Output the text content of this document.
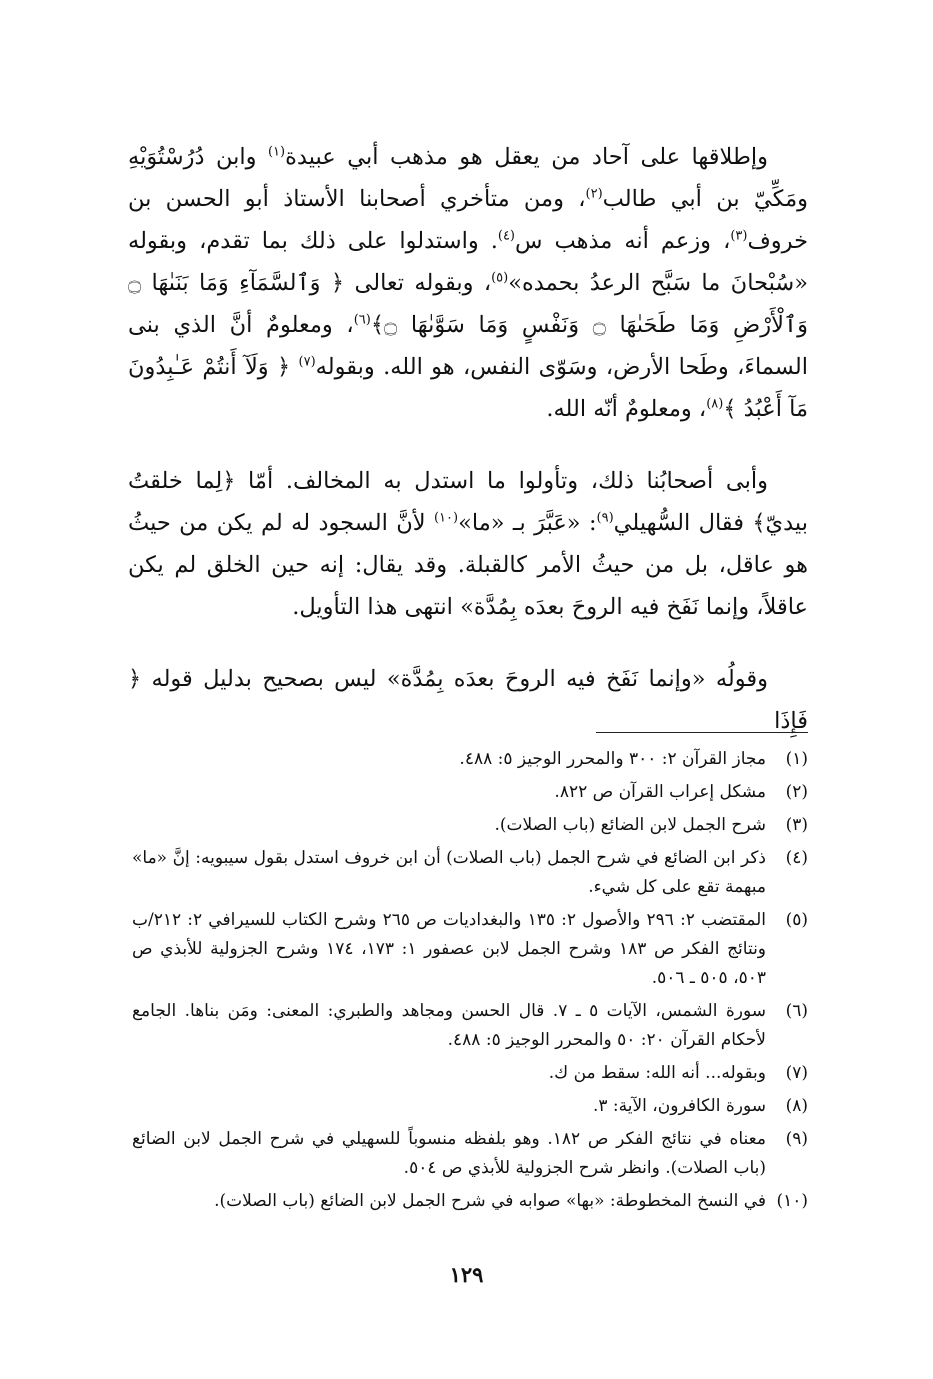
وإطلاقها على آحاد من يعقل هو مذهب أبي عبيدة$^{(١)}$ وابن دُرُسْتُوَيْهِ ومَكِّيّ بن أبي طالب$^{(٢)}$، ومن متأخري أصحابنا الأستاذ أبو الحسن بن خروف$^{(٣)}$، وزعم أنه مذهب س$^{(٤)}$. واستدلوا على ذلك بما تقدم، وبقوله «سُبْحانَ ما سَبَّح الرعدُ بحمده»$^{(٥)}$، وبقوله تعالى ﴿ وَٱلسَّمَآءِ وَمَا بَنَىٰهَا ۝ وَٱلْأَرْضِ وَمَا طَحَىٰهَا ۝ وَنَفْسٍ وَمَا سَوَّىٰهَا ۝﴾$^{(٦)}$، ومعلومٌ أنَّ الذي بنى السماءَ، وطَحا الأرض، وسَوّى النفس، هو الله. وبقوله$^{(٧)}$ ﴿ وَلَآ أَنتُمْ عَـٰبِدُونَ مَآ أَعْبُدُ ﴾$^{(٨)}$، ومعلومٌ أنّه الله.

وأبى أصحابُنا ذلك، وتأولوا ما استدل به المخالف. أمّا ﴿لِما خلقتُ بيديّ﴾ فقال السُّهيلي$^{(٩)}$: «عَبَّرَ بـ «ما»$^{(١٠)}$ لأنَّ السجود له لم يكن من حيثُ هو عاقل، بل من حيثُ الأمر كالقبلة. وقد يقال: إنه حين الخلق لم يكن عاقلاً، وإنما نَفَخ فيه الروحَ بعدَه بِمُدَّة» انتهى هذا التأويل.

وقولُه «وإنما نَفَخ فيه الروحَ بعدَه بِمُدَّة» ليس بصحيح بدليل قوله ﴿ فَإِذَا

(١)
مجاز القرآن ٢: ٣٠٠ والمحرر الوجيز ٥: ٤٨٨.
(٢)
مشكل إعراب القرآن ص ٨٢٢.
(٣)
شرح الجمل لابن الضائع (باب الصلات).
(٤)
ذكر ابن الضائع في شرح الجمل (باب الصلات) أن ابن خروف استدل بقول سيبويه: إنَّ «ما» مبهمة تقع على كل شيء.
(٥)
المقتضب ٢: ٢٩٦ والأصول ٢: ١٣٥ والبغداديات ص ٢٦٥ وشرح الكتاب للسيرافي ٢: ٢١٢/ب ونتائج الفكر ص ١٨٣ وشرح الجمل لابن عصفور ١: ١٧٣، ١٧٤ وشرح الجزولية للأبذي ص ٥٠٣، ٥٠٥ ـ ٥٠٦.
(٦)
سورة الشمس، الآيات ٥ ـ ٧. قال الحسن ومجاهد والطبري: المعنى: ومَن بناها. الجامع لأحكام القرآن ٢٠: ٥٠ والمحرر الوجيز ٥: ٤٨٨.
(٧)
وبقوله... أنه الله: سقط من ك.
(٨)
سورة الكافرون، الآية: ٣.
(٩)
معناه في نتائج الفكر ص ١٨٢. وهو بلفظه منسوباً للسهيلي في شرح الجمل لابن الضائع (باب الصلات). وانظر شرح الجزولية للأبذي ص ٥٠٤.
(١٠)
في النسخ المخطوطة: «بها» صوابه في شرح الجمل لابن الضائع (باب الصلات).
١٢٩
